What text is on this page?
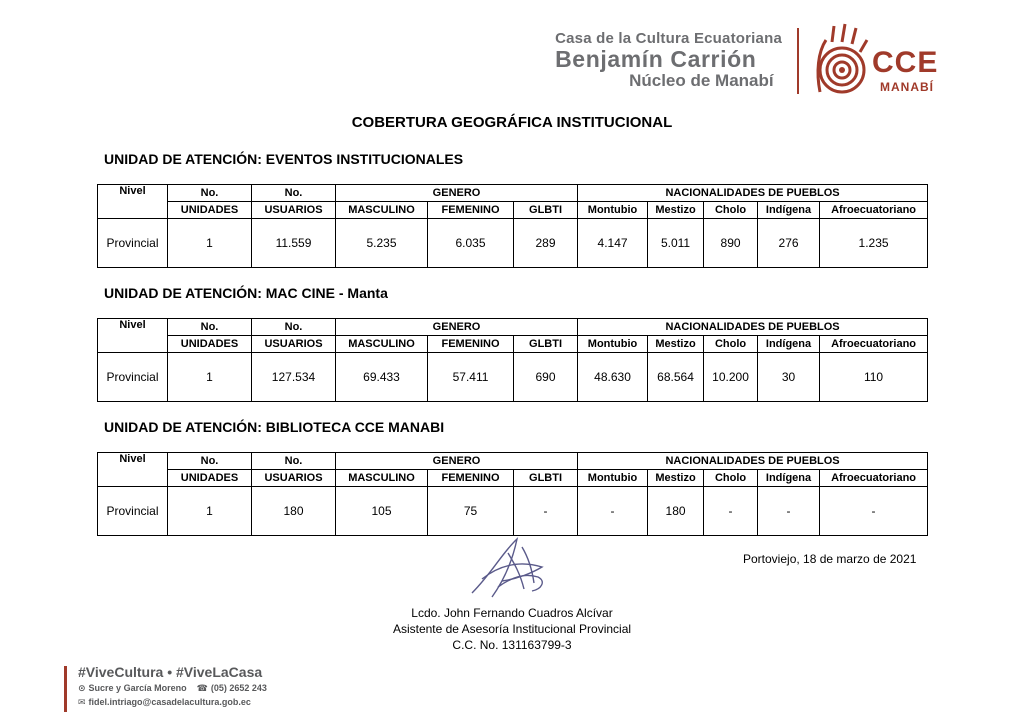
Casa de la Cultura Ecuatoriana
Benjamín Carrión
Núcleo de Manabí
CCE
MANABÍ
COBERTURA GEOGRÁFICA INSTITUCIONAL
UNIDAD DE ATENCIÓN: EVENTOS INSTITUCIONALES
Nivel	No.	No.	GENERO			NACIONALIDADES DE PUEBLOS				
	UNIDADES	USUARIOS	MASCULINO	FEMENINO	GLBTI	Montubio	Mestizo	Cholo	Indígena	Afroecuatoriano
Provincial	1	11.559	5.235	6.035	289	4.147	5.011	890	276	1.235
UNIDAD DE ATENCIÓN: MAC CINE - Manta
Nivel	No.	No.	GENERO			NACIONALIDADES DE PUEBLOS				
	UNIDADES	USUARIOS	MASCULINO	FEMENINO	GLBTI	Montubio	Mestizo	Cholo	Indígena	Afroecuatoriano
Provincial	1	127.534	69.433	57.411	690	48.630	68.564	10.200	30	110
UNIDAD DE ATENCIÓN: BIBLIOTECA CCE MANABI
Nivel	No.	No.	GENERO			NACIONALIDADES DE PUEBLOS				
	UNIDADES	USUARIOS	MASCULINO	FEMENINO	GLBTI	Montubio	Mestizo	Cholo	Indígena	Afroecuatoriano
Provincial	1	180	105	75	-	-	180	-	-	-
Portoviejo, 18 de marzo de 2021
Lcdo. John Fernando Cuadros Alcívar
Asistente de Asesoría Institucional Provincial
C.C. No. 131163799-3
#ViveCultura • #ViveLaCasa
⊙ Sucre y García Moreno ☎ (05) 2652 243
✉ fidel.intriago@casadelacultura.gob.ec
